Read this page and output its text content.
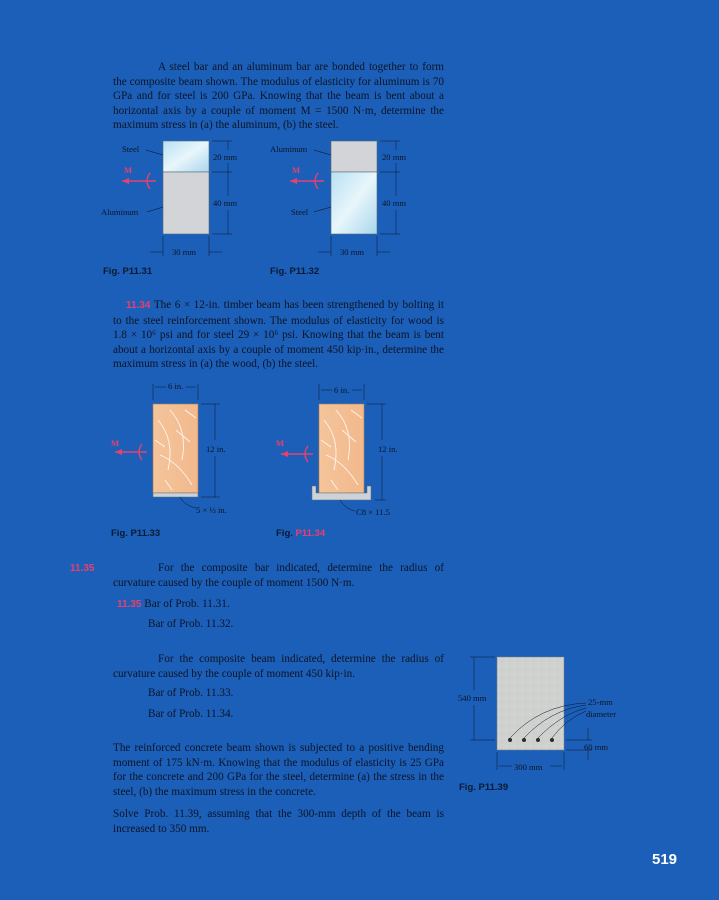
A steel bar and an aluminum bar are bonded together to form the composite beam shown. The modulus of elasticity for aluminum is 70 GPa and for steel is 200 GPa. Knowing that the beam is bent about a horizontal axis by a couple of moment M = 1500 N·m, determine the maximum stress in (a) the aluminum, (b) the steel.
Steel
Aluminum
M
20 mm
40 mm
30 mm
Fig. P11.31
Aluminum
Steel
M
20 mm
40 mm
30 mm
Fig. P11.32
11.34 The 6 × 12-in. timber beam has been strengthened by bolting it to the steel reinforcement shown. The modulus of elasticity for wood is 1.8 × 10⁶ psi and for steel 29 × 10⁶ psi. Knowing that the beam is bent about a horizontal axis by a couple of moment 450 kip·in., determine the maximum stress in (a) the wood, (b) the steel.
6 in.
12 in.
M
5 × ½ in.
Fig. P11.33
6 in.
12 in.
M
C8 × 11.5
Fig. P11.34
11.35	For the composite bar indicated, determine the radius of curvature caused by the couple of moment 1500 N·m.
11.35 Bar of Prob. 11.31.
Bar of Prob. 11.32.
For the composite beam indicated, determine the radius of curvature caused by the couple of moment 450 kip·in.
Bar of Prob. 11.33.
Bar of Prob. 11.34.
The reinforced concrete beam shown is subjected to a positive bending moment of 175 kN·m. Knowing that the modulus of elasticity is 25 GPa for the concrete and 200 GPa for the steel, determine (a) the stress in the steel, (b) the maximum stress in the concrete.
540 mm	25-mm
diameter
60 mm
300 mm
Fig. P11.39
Solve Prob. 11.39, assuming that the 300-mm depth of the beam is increased to 350 mm.
519
